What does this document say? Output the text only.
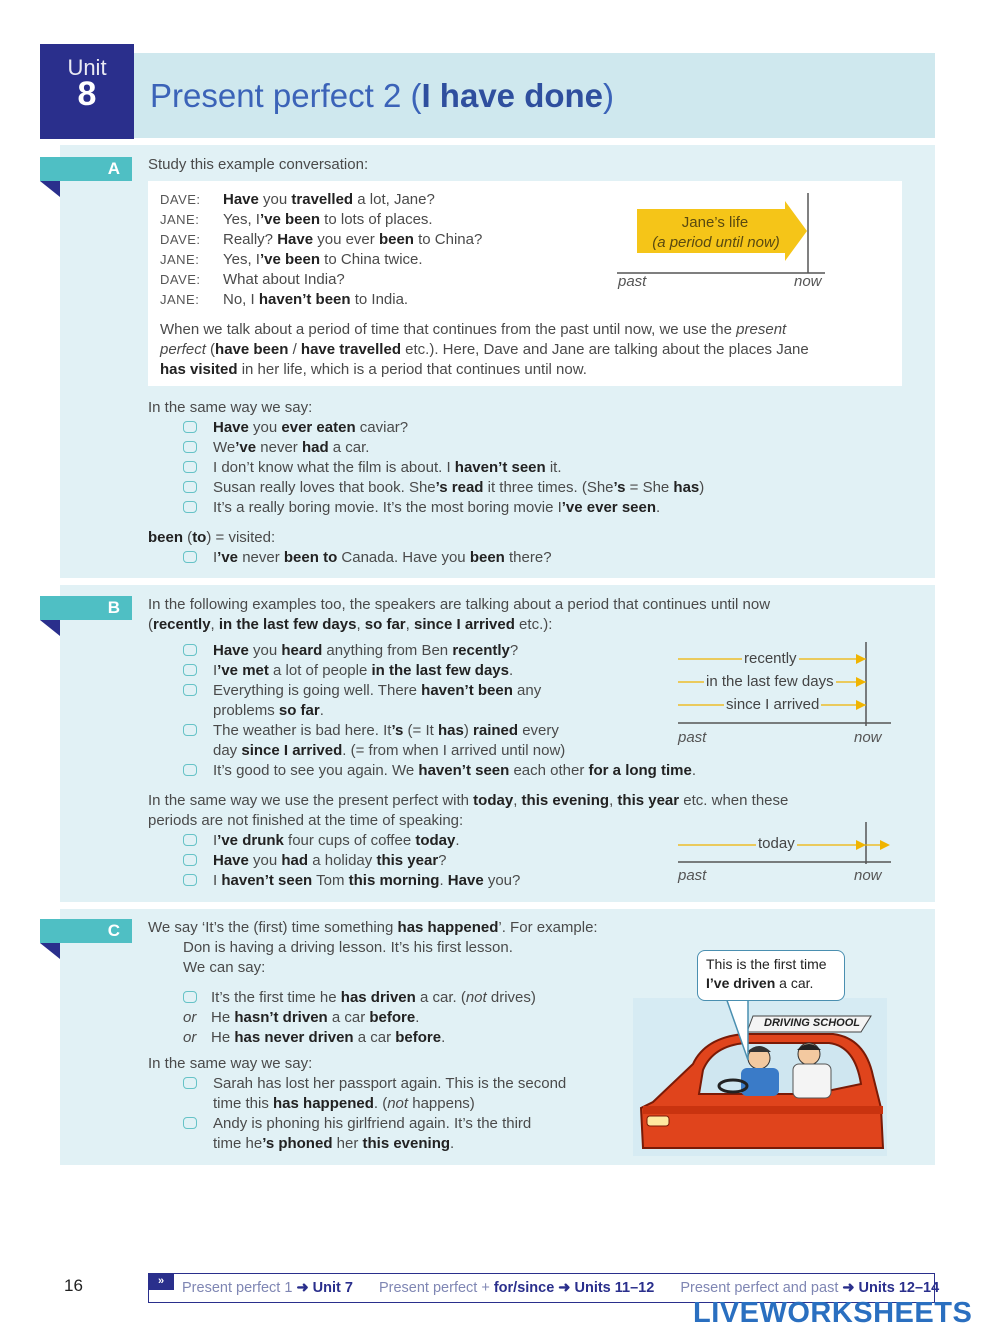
Unit
8	Present perfect 2 (I have done)
A	Study this example conversation:
DAVE: Have you travelled a lot, Jane?
JANE: Yes, I’ve been to lots of places.
DAVE: Really? Have you ever been to China?
JANE: Yes, I’ve been to China twice.
DAVE: What about India?
JANE: No, I haven’t been to India.
Jane’s life
(a period until now)
past	now
When we talk about a period of time that continues from the past until now, we use the present
perfect (have been / have travelled etc.). Here, Dave and Jane are talking about the places Jane
has visited in her life, which is a period that continues until now.
In the same way we say:
Have you ever eaten caviar?
We’ve never had a car.
I don’t know what the film is about. I haven’t seen it.
Susan really loves that book. She’s read it three times. (She’s = She has)
It’s a really boring movie. It’s the most boring movie I’ve ever seen.
been (to) = visited:
I’ve never been to Canada. Have you been there?
B	In the following examples too, the speakers are talking about a period that continues until now
(recently, in the last few days, so far, since I arrived etc.):
Have you heard anything from Ben recently?
I’ve met a lot of people in the last few days.
Everything is going well. There haven’t been any
problems so far.
The weather is bad here. It’s (= It has) rained every
day since I arrived. (= from when I arrived until now)
It’s good to see you again. We haven’t seen each other for a long time.
recently
in the last few days
since I arrived
past	now
In the same way we use the present perfect with today, this evening, this year etc. when these
periods are not finished at the time of speaking:
I’ve drunk four cups of coffee today.
Have you had a holiday this year?
I haven’t seen Tom this morning. Have you?
today
past	now
C	We say ‘It’s the (first) time something has happened’. For example:
Don is having a driving lesson. It’s his first lesson.
We can say:
It’s the first time he has driven a car. (not drives)
He hasn’t driven a car before.
or
He has never driven a car before.
or
In the same way we say:
Sarah has lost her passport again. This is the second
time this has happened. (not happens)
Andy is phoning his girlfriend again. It’s the third
time he’s phoned her this evening.
DRIVING SCHOOL
This is the first time
I’ve driven a car.
16	»	Present perfect 1 ➜ Unit 7 Present perfect + for/since ➜ Units 11–12 Present perfect and past ➜ Units 12–14
LIVEWORKSHEETS
